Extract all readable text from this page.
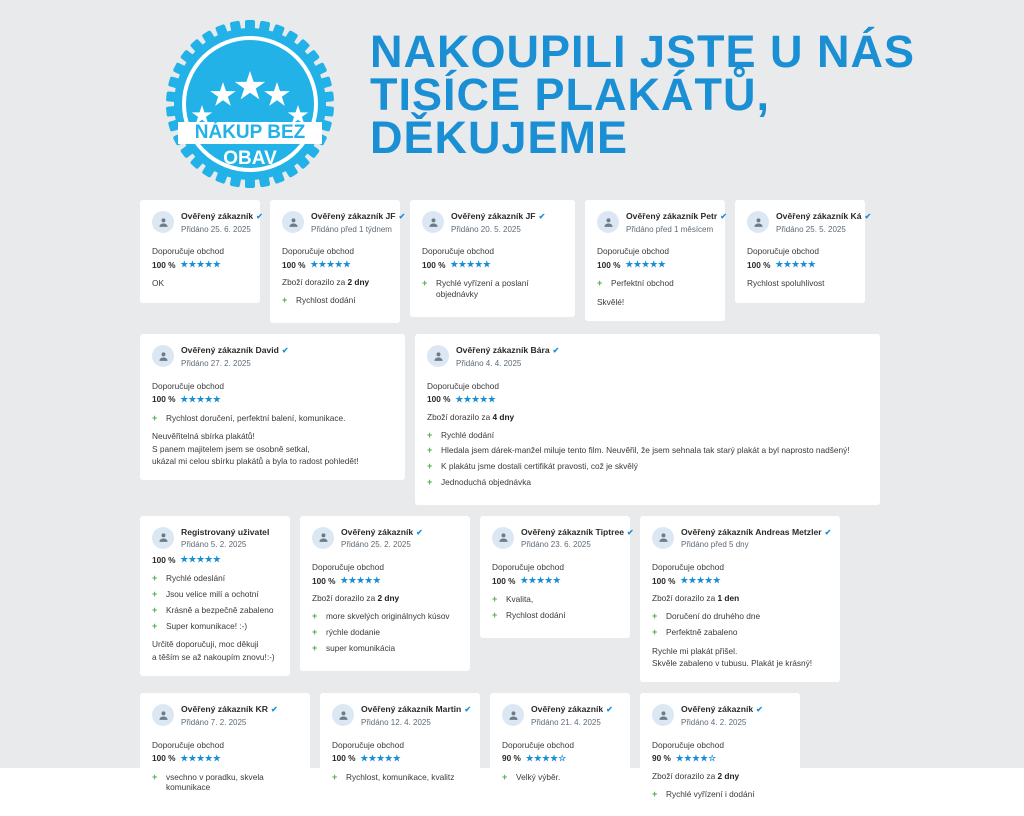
NÁKUP BEZ
OBAV
NAKOUPILI JSTE U NÁS
TISÍCE PLAKÁTŮ,
DĚKUJEME
Ověřený zákazník ✔
Přidáno 25. 6. 2025
Doporučuje obchod
100 % ★★★★★
OK
Ověřený zákazník JF ✔
Přidáno před 1 týdnem
Doporučuje obchod
100 % ★★★★★
Zboží dorazilo za 2 dny
+	Rychlost dodání
Ověřený zákazník JF ✔
Přidáno 20. 5. 2025
Doporučuje obchod
100 % ★★★★★
+	Rychlé vyřízení a poslaní objednávky
Ověřený zákazník Petr ✔
Přidáno před 1 měsícem
Doporučuje obchod
100 % ★★★★★
+	Perfektní obchod
Skvělé!
Ověřený zákazník Ká ✔
Přidáno 25. 5. 2025
Doporučuje obchod
100 % ★★★★★
Rychlost spoluhlivost
Ověřený zákazník David ✔
Přidáno 27. 2. 2025
Doporučuje obchod
100 % ★★★★★
+	Rychlost doručení, perfektní balení, komunikace.
Neuvěřitelná sbírka plakátů!
S panem majitelem jsem se osobně setkal,
ukázal mi celou sbírku plakátů a byla to radost pohledět!
Ověřený zákazník Bára ✔
Přidáno 4. 4. 2025
Doporučuje obchod
100 % ★★★★★
Zboží dorazilo za 4 dny
+	Rychlé dodání
+	Hledala jsem dárek-manžel miluje tento film. Neuvěřil, že jsem sehnala tak starý plakát a byl naprosto nadšený!
+	K plakátu jsme dostali certifikát pravosti, což je skvělý
+	Jednoduchá objednávka
Registrovaný uživatel
Přidáno 5. 2. 2025
100 % ★★★★★
+	Rychlé odeslání
+	Jsou velice milí a ochotní
+	Krásně a bezpečně zabaleno
+	Super komunikace! :-)
Určitě doporučuji, moc děkuji
a těším se až nakoupím znovu!:-)
Ověřený zákazník ✔
Přidáno 25. 2. 2025
Doporučuje obchod
100 % ★★★★★
Zboží dorazilo za 2 dny
+	more skvelých originálnych kúsov
+	rýchle dodanie
+	super komunikácia
Ověřený zákazník Tiptree ✔
Přidáno 23. 6. 2025
Doporučuje obchod
100 % ★★★★★
+	Kvalita,
+	Rychlost dodání
Ověřený zákazník Andreas Metzler ✔
Přidáno před 5 dny
Doporučuje obchod
100 % ★★★★★
Zboží dorazilo za 1 den
+	Doručení do druhého dne
+	Perfektně zabaleno
Rychle mi plakát přišel.
Skvěle zabaleno v tubusu. Plakát je krásný!
Ověřený zákazník KR ✔
Přidáno 7. 2. 2025
Doporučuje obchod
100 % ★★★★★
+	vsechno v poradku, skvela komunikace
Ověřený zákazník Martin ✔
Přidáno 12. 4. 2025
Doporučuje obchod
100 % ★★★★★
+	Rychlost, komunikace, kvalitz
Ověřený zákazník ✔
Přidáno 21. 4. 2025
Doporučuje obchod
90 % ★★★★☆
+	Velký výběr.
Ověřený zákazník ✔
Přidáno 4. 2. 2025
Doporučuje obchod
90 % ★★★★☆
Zboží dorazilo za 2 dny
+	Rychlé vyřízení i dodání
